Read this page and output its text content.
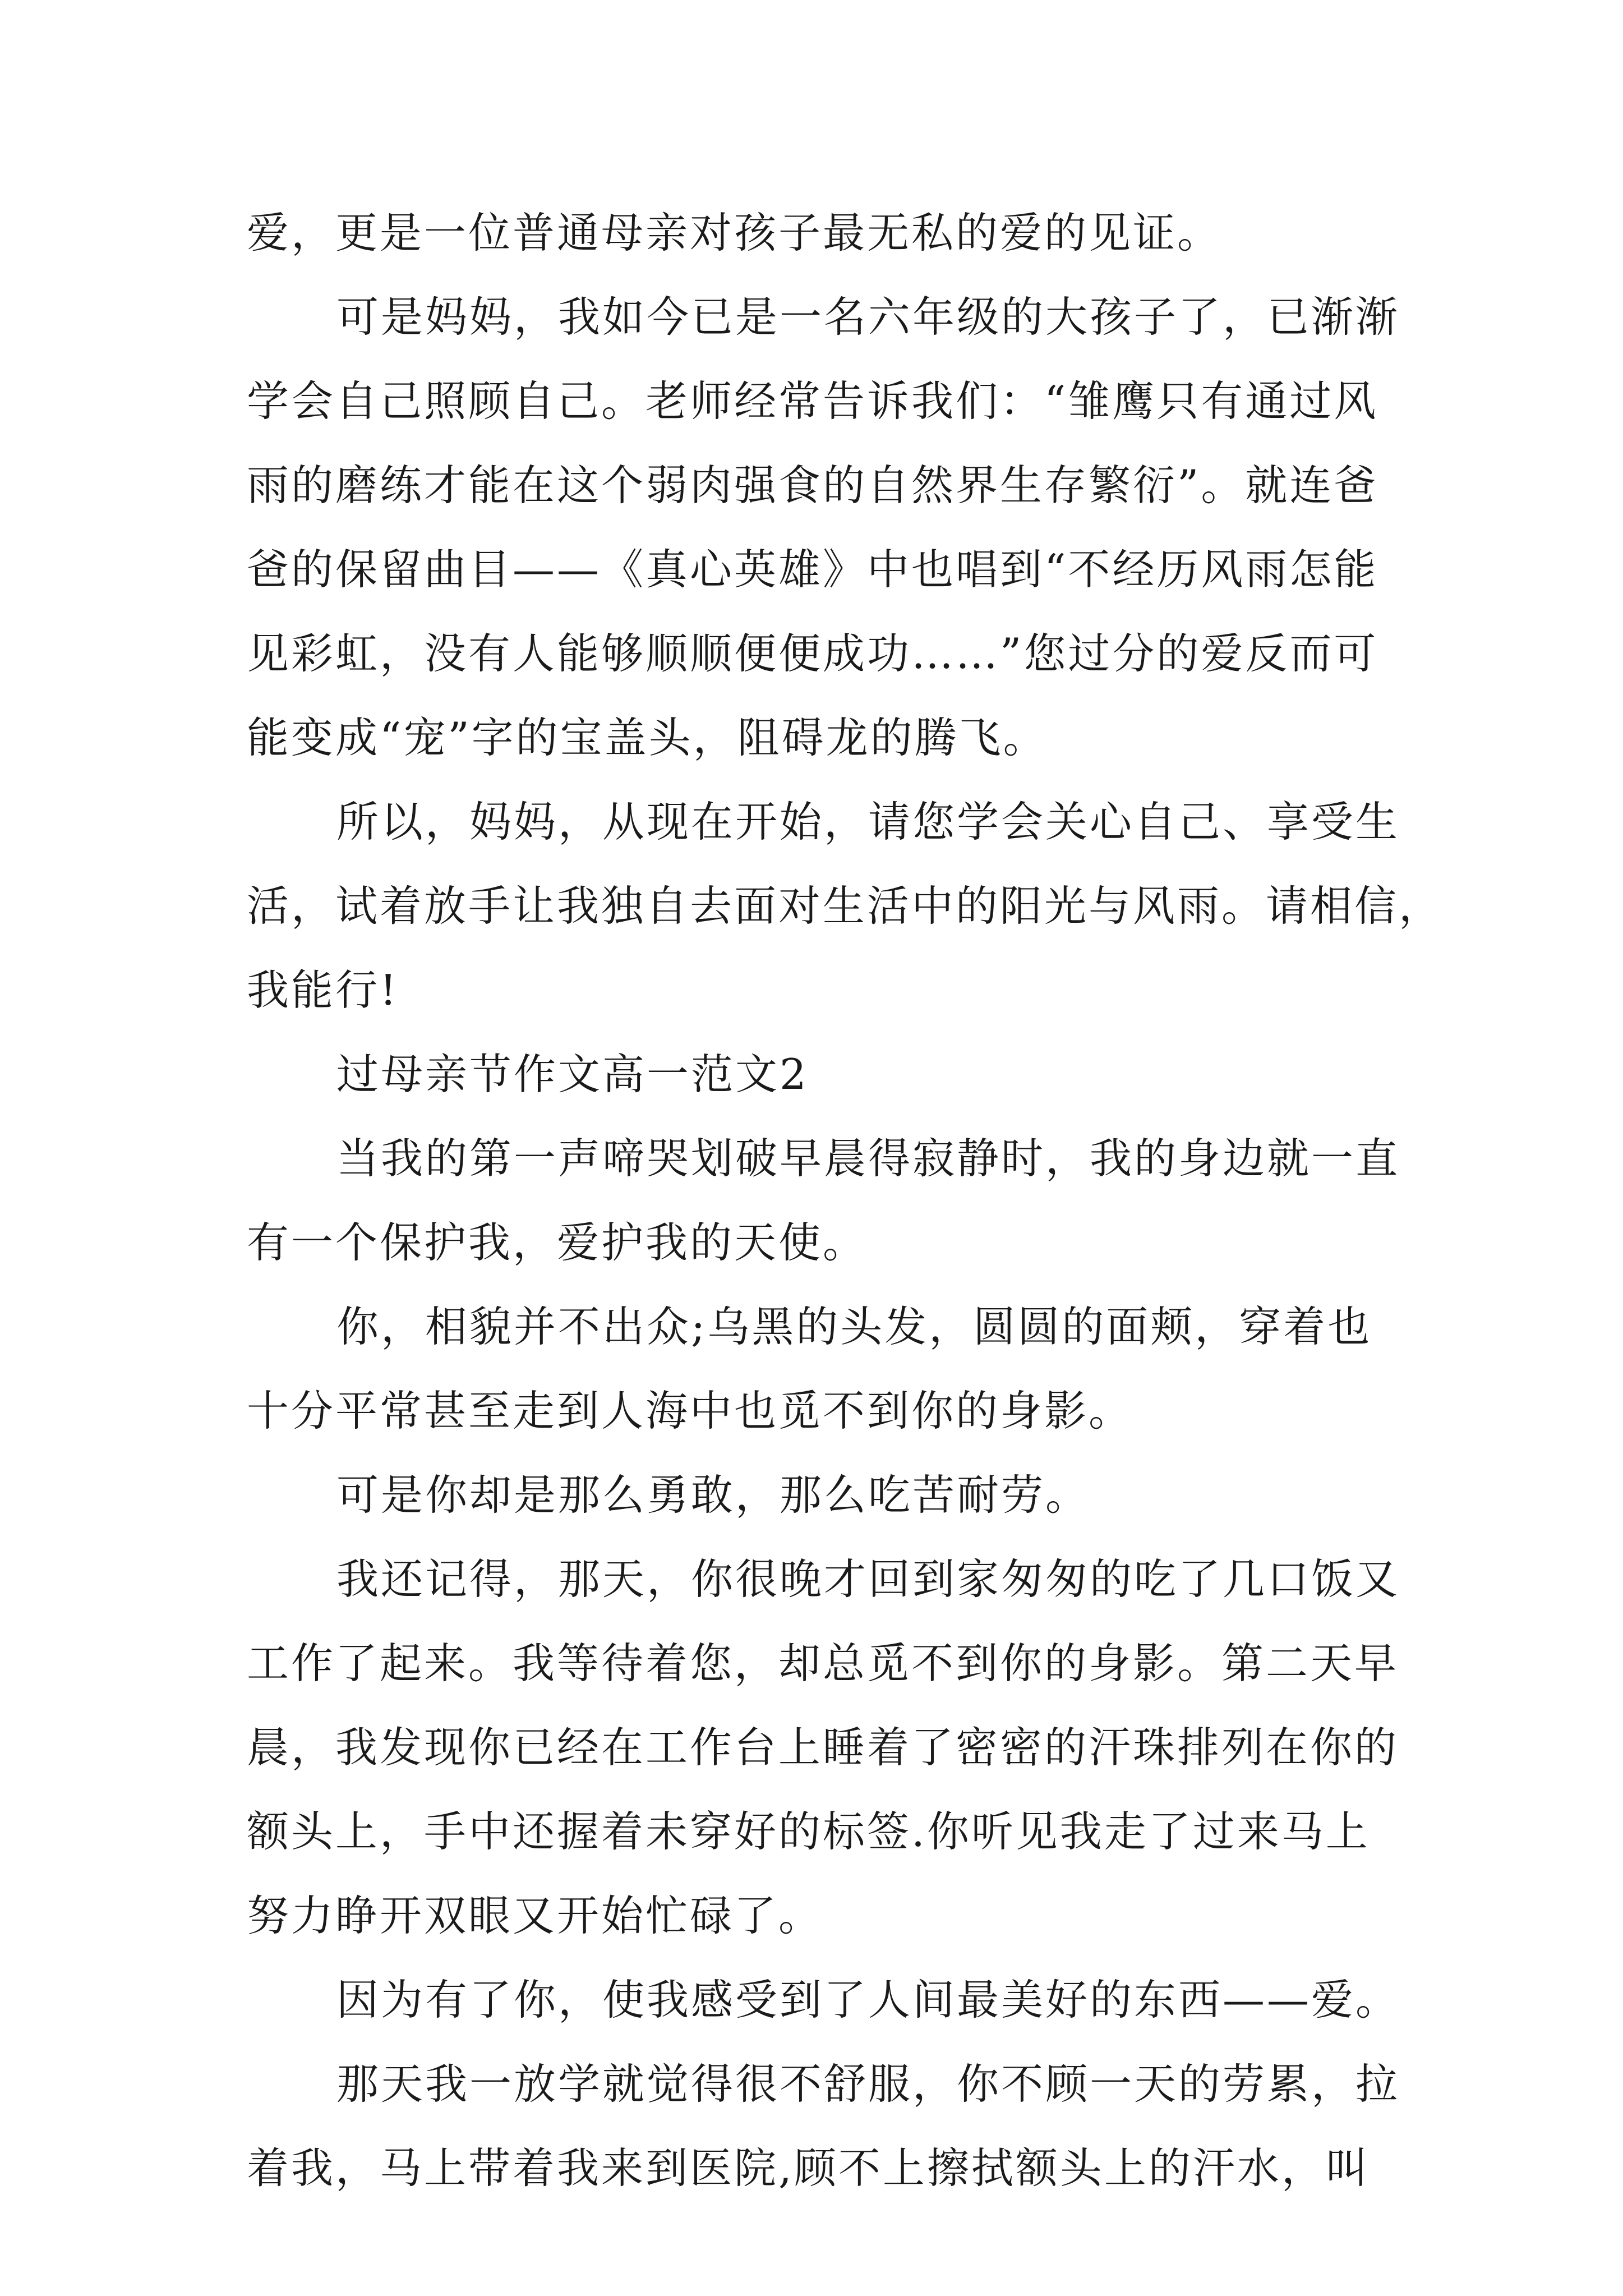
爱，更是一位普通母亲对孩子最无私的爱的见证。
可是妈妈，我如今已是一名六年级的大孩子了，已渐渐
学会自己照顾自己。老师经常告诉我们：“雏鹰只有通过风
雨的磨练才能在这个弱肉强食的自然界生存繁衍”。就连爸
爸的保留曲目——《真心英雄》中也唱到“不经历风雨怎能
见彩虹，没有人能够顺顺便便成功……”您过分的爱反而可
能变成“宠”字的宝盖头，阻碍龙的腾飞。
所以，妈妈，从现在开始，请您学会关心自己、享受生
活，试着放手让我独自去面对生活中的阳光与风雨。请相信，
我能行!
过母亲节作文高一范文2
当我的第一声啼哭划破早晨得寂静时，我的身边就一直
有一个保护我，爱护我的天使。
你，相貌并不出众;乌黑的头发，圆圆的面颊，穿着也
十分平常甚至走到人海中也觅不到你的身影。
可是你却是那么勇敢，那么吃苦耐劳。
我还记得，那天，你很晚才回到家匆匆的吃了几口饭又
工作了起来。我等待着您，却总觅不到你的身影。第二天早
晨，我发现你已经在工作台上睡着了密密的汗珠排列在你的
额头上，手中还握着未穿好的标签.你听见我走了过来马上
努力睁开双眼又开始忙碌了。
因为有了你，使我感受到了人间最美好的东西——爱。
那天我一放学就觉得很不舒服，你不顾一天的劳累，拉
着我，马上带着我来到医院,顾不上擦拭额头上的汗水，叫
